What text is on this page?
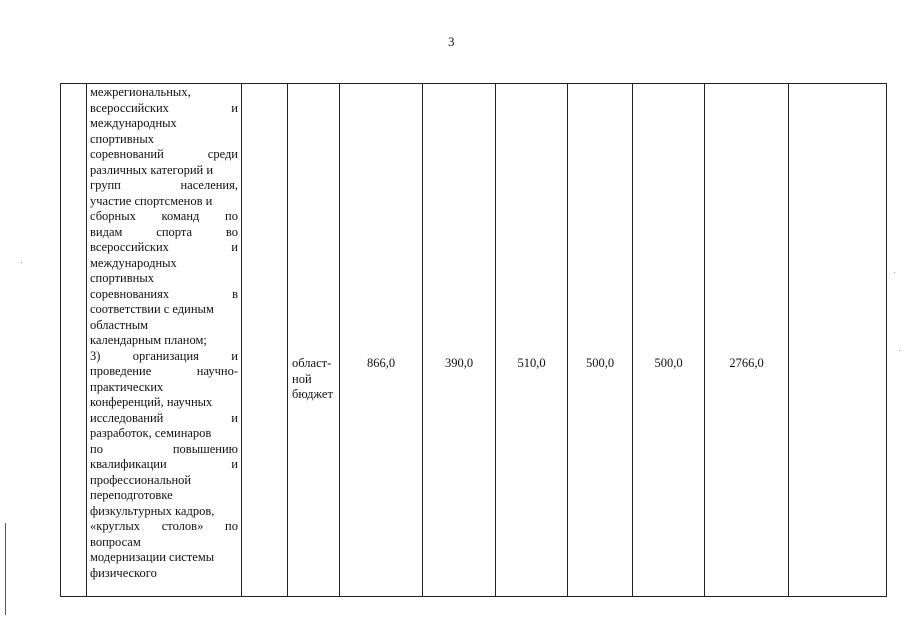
3

межрегиональных,
всероссийских	и
международных
спортивных
соревнований	среди
различных категорий и
групп	населения,
участие спортсменов и
сборных команд по
видам	спорта	во
всероссийских	и
международных
спортивных
соревнованиях	в
соответствии с единым
областным
календарным планом;
3)	организация	и
проведение	научно-
практических
конференций, научных
исследований	и
разработок, семинаров
по	повышению
квалификации	и
профессиональной
переподготовке
физкультурных кадров,
«круглых столов» по
вопросам
модернизации системы
физического

област-
ной
бюджет
	866,0	390,0	510,0	500,0	500,0	2766,0	
